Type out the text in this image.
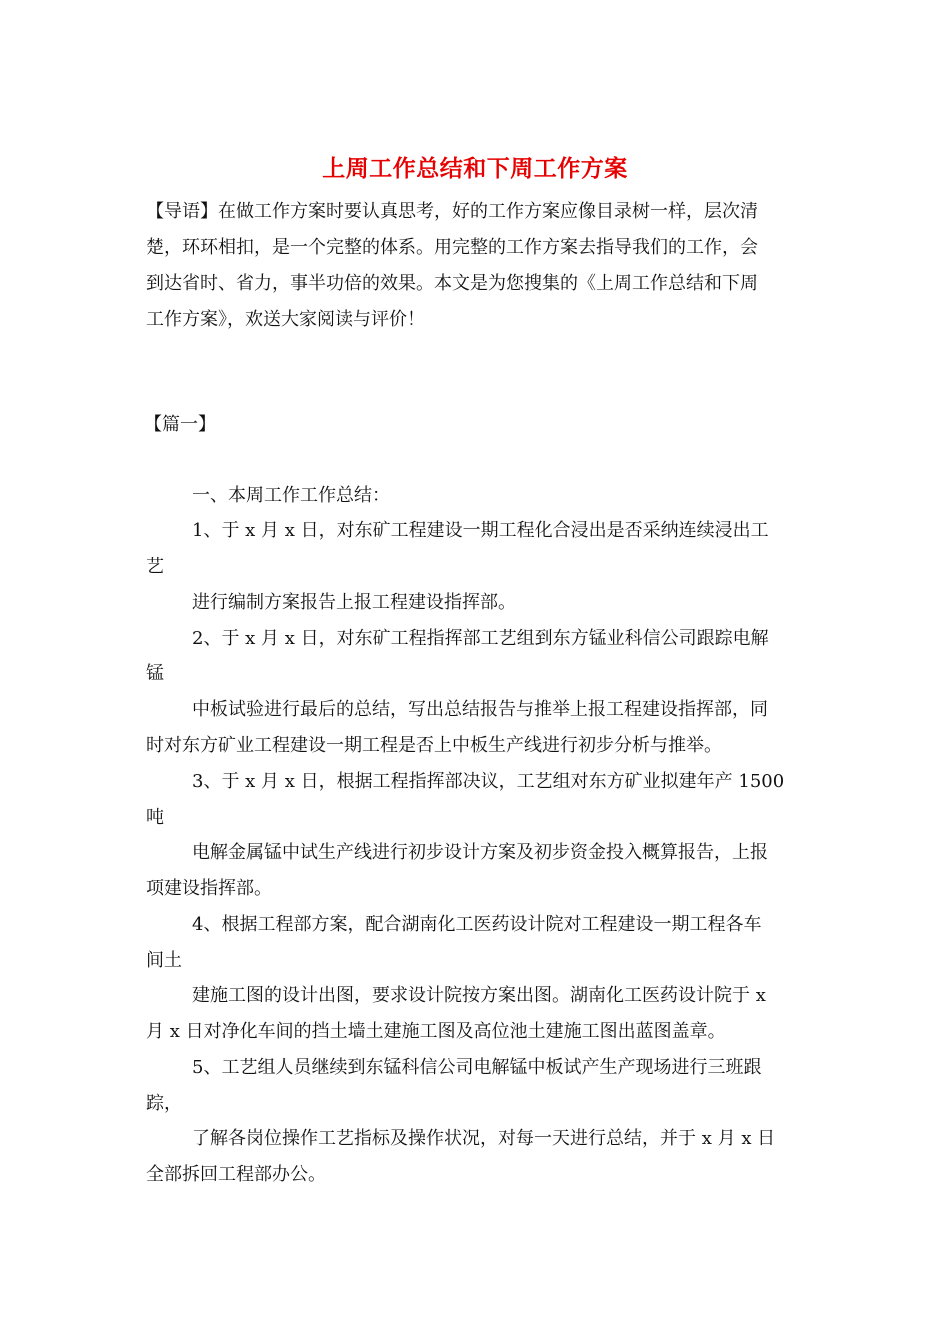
上周工作总结和下周工作方案
【导语】在做工作方案时要认真思考，好的工作方案应像目录树一样，层次清
楚，环环相扣，是一个完整的体系。用完整的工作方案去指导我们的工作，会
到达省时、省力，事半功倍的效果。本文是为您搜集的《上周工作总结和下周
工作方案》，欢送大家阅读与评价！
【篇一】
一、本周工作工作总结：
1、于 x 月 x 日，对东矿工程建设一期工程化合浸出是否采纳连续浸出工
艺
进行编制方案报告上报工程建设指挥部。
2、于 x 月 x 日，对东矿工程指挥部工艺组到东方锰业科信公司跟踪电解
锰
中板试验进行最后的总结，写出总结报告与推举上报工程建设指挥部，同
时对东方矿业工程建设一期工程是否上中板生产线进行初步分析与推举。
3、于 x 月 x 日，根据工程指挥部决议，工艺组对东方矿业拟建年产 1500
吨
电解金属锰中试生产线进行初步设计方案及初步资金投入概算报告，上报
项建设指挥部。
4、根据工程部方案，配合湖南化工医药设计院对工程建设一期工程各车
间土
建施工图的设计出图，要求设计院按方案出图。湖南化工医药设计院于 x
月 x 日对净化车间的挡土墙土建施工图及高位池土建施工图出蓝图盖章。
5、工艺组人员继续到东锰科信公司电解锰中板试产生产现场进行三班跟
踪，
了解各岗位操作工艺指标及操作状况，对每一天进行总结，并于 x 月 x 日
全部拆回工程部办公。
